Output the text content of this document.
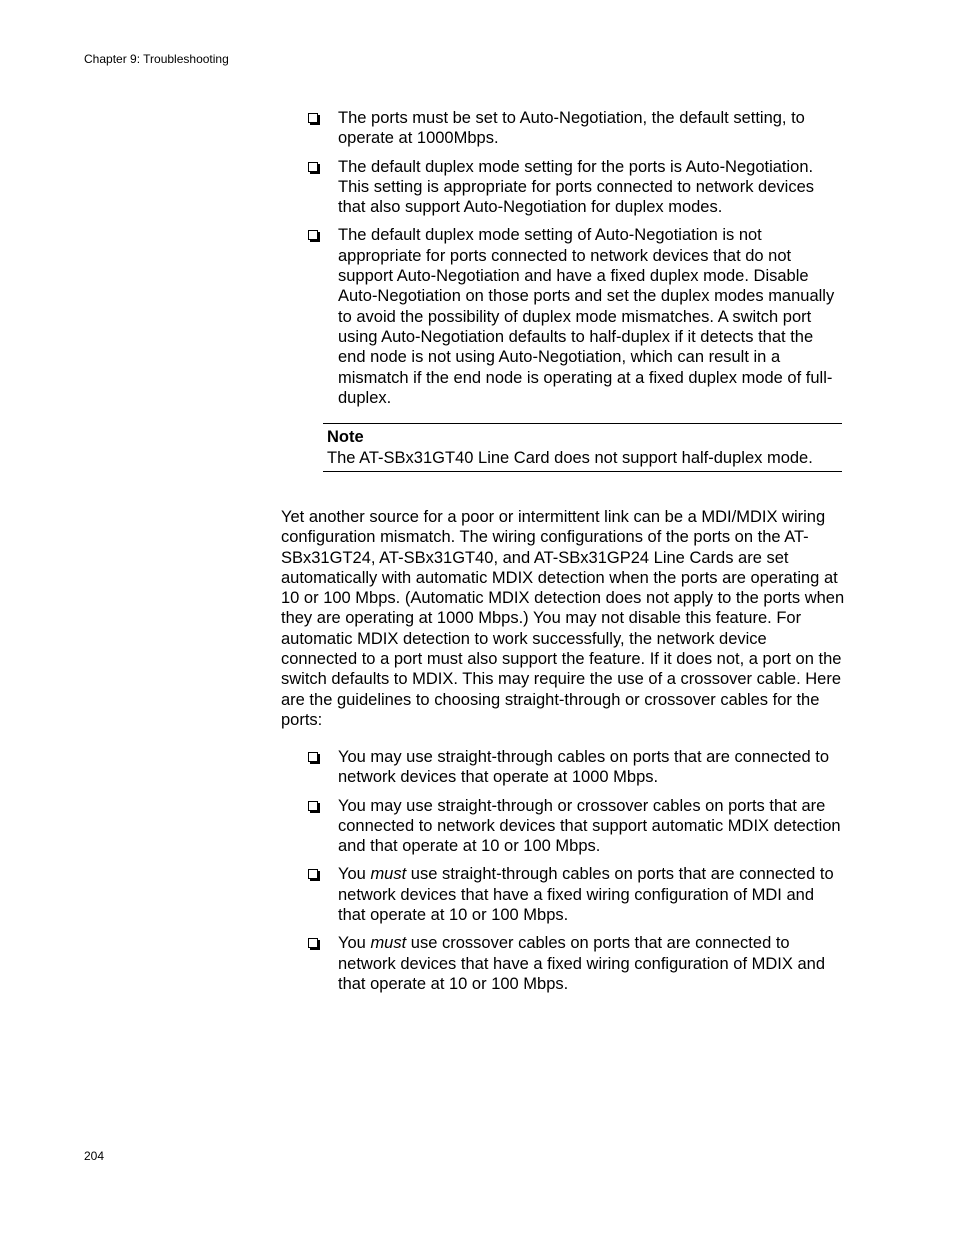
Chapter 9: Troubleshooting
The ports must be set to Auto-Negotiation, the default setting, to operate at 1000Mbps.
The default duplex mode setting for the ports is Auto-Negotiation. This setting is appropriate for ports connected to network devices that also support Auto-Negotiation for duplex modes.
The default duplex mode setting of Auto-Negotiation is not appropriate for ports connected to network devices that do not support Auto-Negotiation and have a fixed duplex mode. Disable Auto-Negotiation on those ports and set the duplex modes manually to avoid the possibility of duplex mode mismatches. A switch port using Auto-Negotiation defaults to half-duplex if it detects that the end node is not using Auto-Negotiation, which can result in a mismatch if the end node is operating at a fixed duplex mode of full-duplex.
Note
The AT-SBx31GT40 Line Card does not support half-duplex mode.

Yet another source for a poor or intermittent link can be a MDI/MDIX wiring configuration mismatch. The wiring configurations of the ports on the AT-SBx31GT24, AT-SBx31GT40, and AT-SBx31GP24 Line Cards are set automatically with automatic MDIX detection when the ports are operating at 10 or 100 Mbps. (Automatic MDIX detection does not apply to the ports when they are operating at 1000 Mbps.) You may not disable this feature. For automatic MDIX detection to work successfully, the network device connected to a port must also support the feature. If it does not, a port on the switch defaults to MDIX. This may require the use of a crossover cable. Here are the guidelines to choosing straight-through or crossover cables for the ports:

You may use straight-through cables on ports that are connected to network devices that operate at 1000 Mbps.
You may use straight-through or crossover cables on ports that are connected to network devices that support automatic MDIX detection and that operate at 10 or 100 Mbps.
You must use straight-through cables on ports that are connected to network devices that have a fixed wiring configuration of MDI and that operate at 10 or 100 Mbps.
You must use crossover cables on ports that are connected to network devices that have a fixed wiring configuration of MDIX and that operate at 10 or 100 Mbps.
204
